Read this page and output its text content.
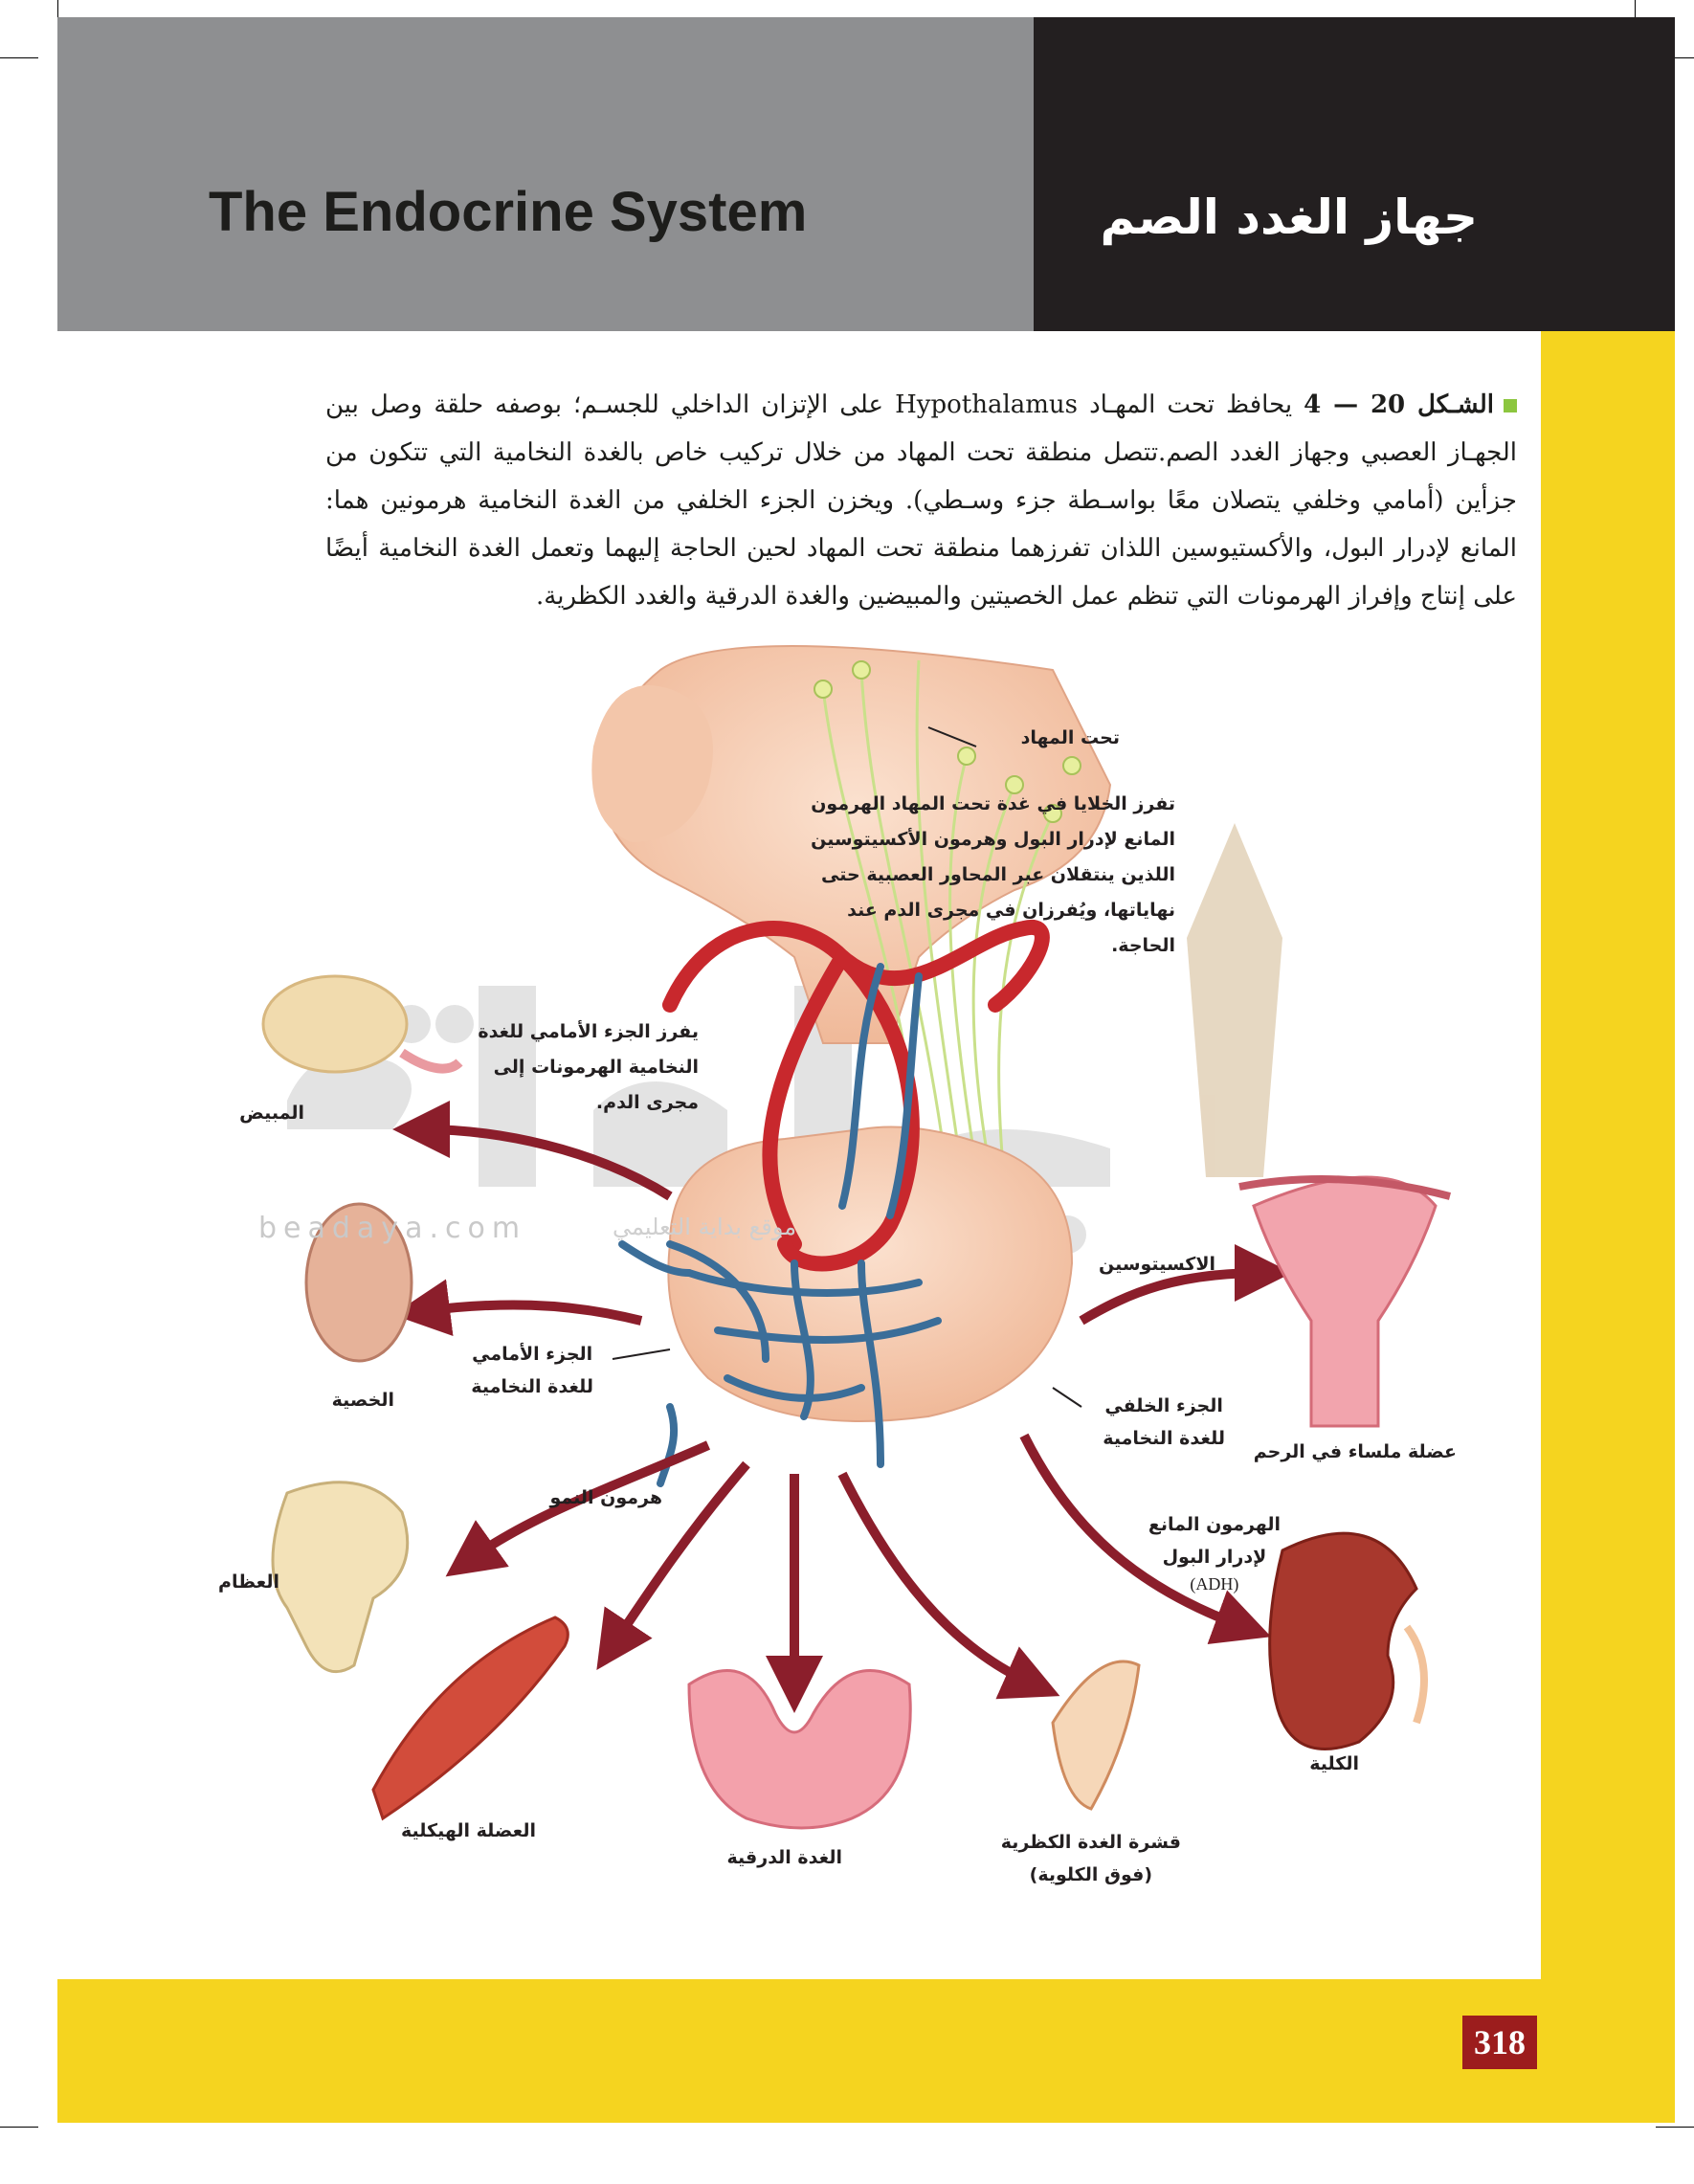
The Endocrine System	جهاز الغدد الصم
318
الشـكل 20 — 4 يحافظ تحت المهـاد Hypothalamus على الإتزان الداخلي للجسـم؛ بوصفه حلقة وصل بين الجهـاز العصبي وجهاز الغدد الصم.تتصل منطقة تحت المهاد من خلال تركيب خاص بالغدة النخامية التي تتكون من جزأين (أمامي وخلفي يتصلان معًا بواسـطة جزء وسـطي). ويخزن الجزء الخلفي من الغدة النخامية هرمونين هما: المانع لإدرار البول، والأكستيوسين اللذان تفرزهما منطقة تحت المهاد لحين الحاجة إليهما وتعمل الغدة النخامية أيضًا على إنتاج وإفراز الهرمونات التي تنظم عمل الخصيتين والمبيضين والغدة الدرقية والغدد الكظرية.
تحت المهاد
تفرز الخلايا في غدة تحت المهاد الهرمون
المانع لإدرار البول وهرمون الأكسيتوسين
اللذين ينتقلان عبر المحاور العصبية حتى
نهاياتها، ويُفرزان في مجرى الدم عند
الحاجة.
يفرز الجزء الأمامي للغدة
النخامية الهرمونات إلى
مجرى الدم.
المبيض
الخصية
الجزء الأمامي
للغدة النخامية
الجزء الخلفي
للغدة النخامية
الاكسيتوسين
عضلة ملساء في الرحم
هرمون النمو
العظام
العضلة الهيكلية
الغدة الدرقية
قشرة الغدة الكظرية
(فوق الكلوية)
الهرمون المانع
لإدرار البول
(ADH)
الكلية
beadaya.com	موقع بداية التعليمي
